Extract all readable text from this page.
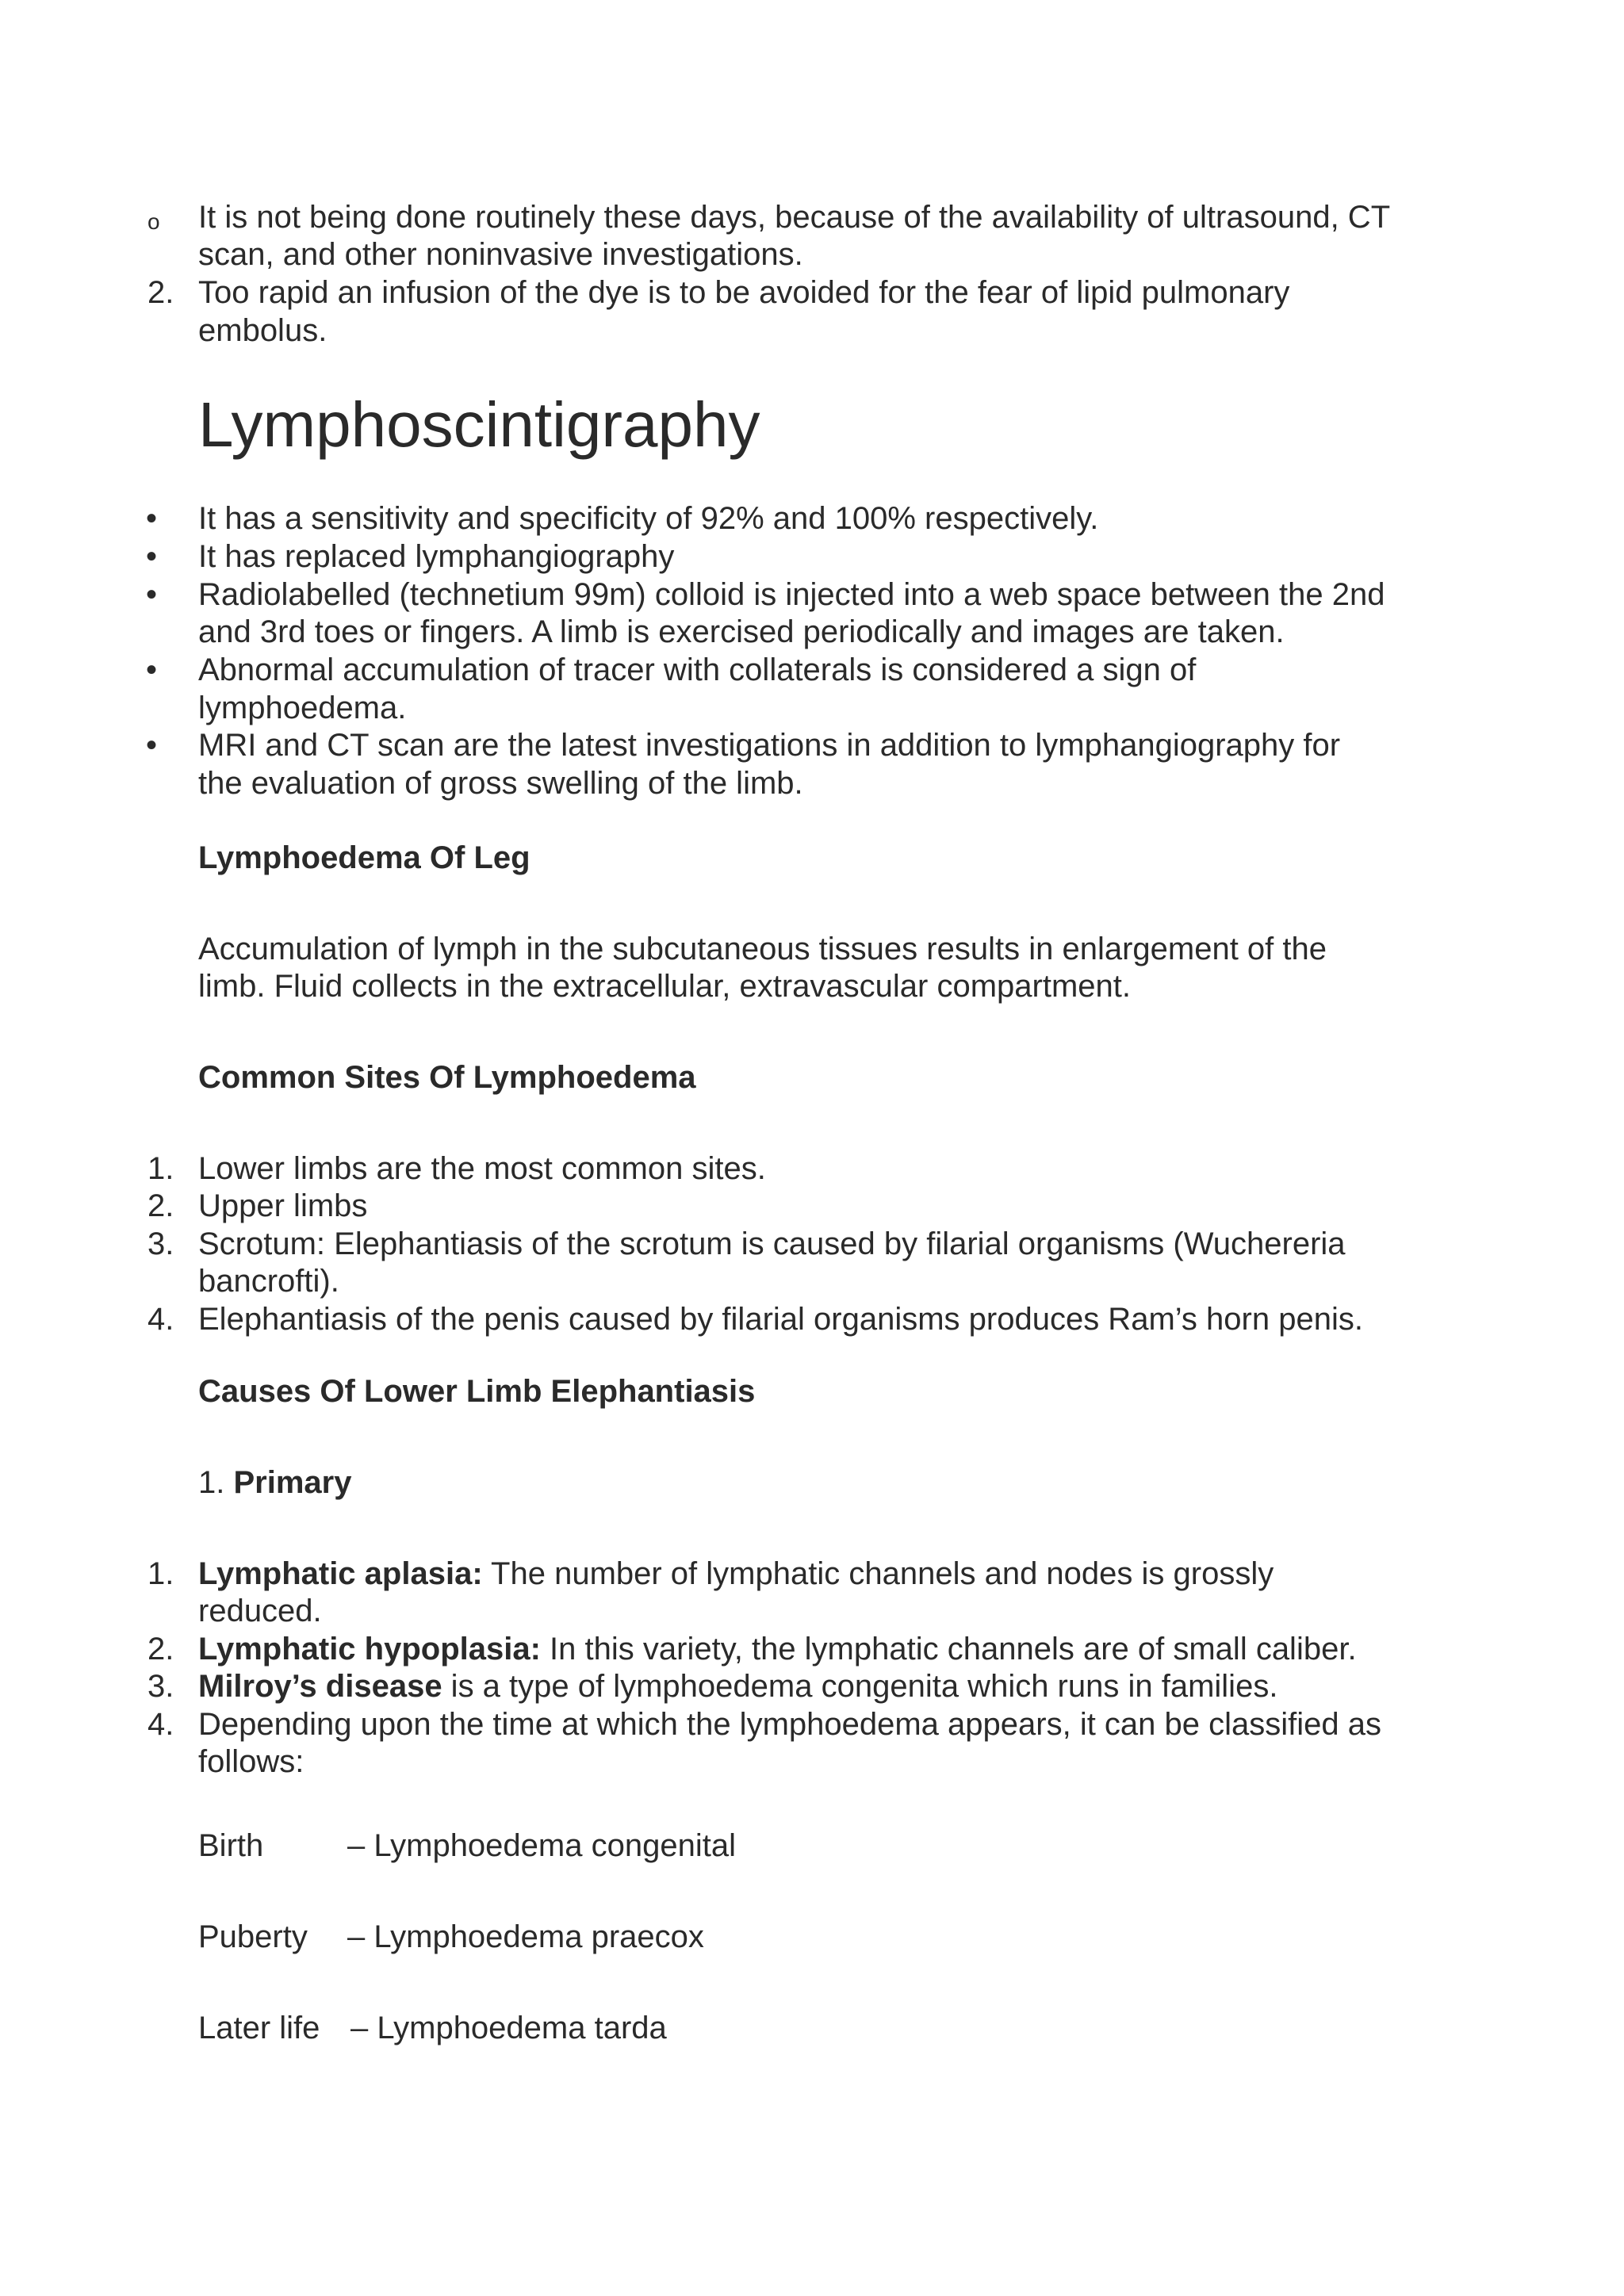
o It is not being done routinely these days, because of the availability of ultrasound, CT
scan, and other noninvasive investigations.
2. Too rapid an infusion of the dye is to be avoided for the fear of lipid pulmonary
embolus.
Lymphoscintigraphy
• It has a sensitivity and specificity of 92% and 100% respectively.
• It has replaced lymphangiography
• Radiolabelled (technetium 99m) colloid is injected into a web space between the 2nd
and 3rd toes or fingers. A limb is exercised periodically and images are taken.
• Abnormal accumulation of tracer with collaterals is considered a sign of
lymphoedema.
• MRI and CT scan are the latest investigations in addition to lymphangiography for
the evaluation of gross swelling of the limb.
Lymphoedema Of Leg
Accumulation of lymph in the subcutaneous tissues results in enlargement of the
limb. Fluid collects in the extracellular, extravascular compartment.
Common Sites Of Lymphoedema
1. Lower limbs are the most common sites.
2. Upper limbs
3. Scrotum: Elephantiasis of the scrotum is caused by filarial organisms (Wuchereria
bancrofti).
4. Elephantiasis of the penis caused by filarial organisms produces Ram’s horn penis.
Causes Of Lower Limb Elephantiasis
1. Primary
1. Lymphatic aplasia: The number of lymphatic channels and nodes is grossly
reduced.
2. Lymphatic hypoplasia: In this variety, the lymphatic channels are of small caliber.
3. Milroy’s disease is a type of lymphoedema congenita which runs in families.
4. Depending upon the time at which the lymphoedema appears, it can be classified as
follows:
Birth	– Lymphoedema congenital
Puberty – Lymphoedema praecox
Later life – Lymphoedema tarda
